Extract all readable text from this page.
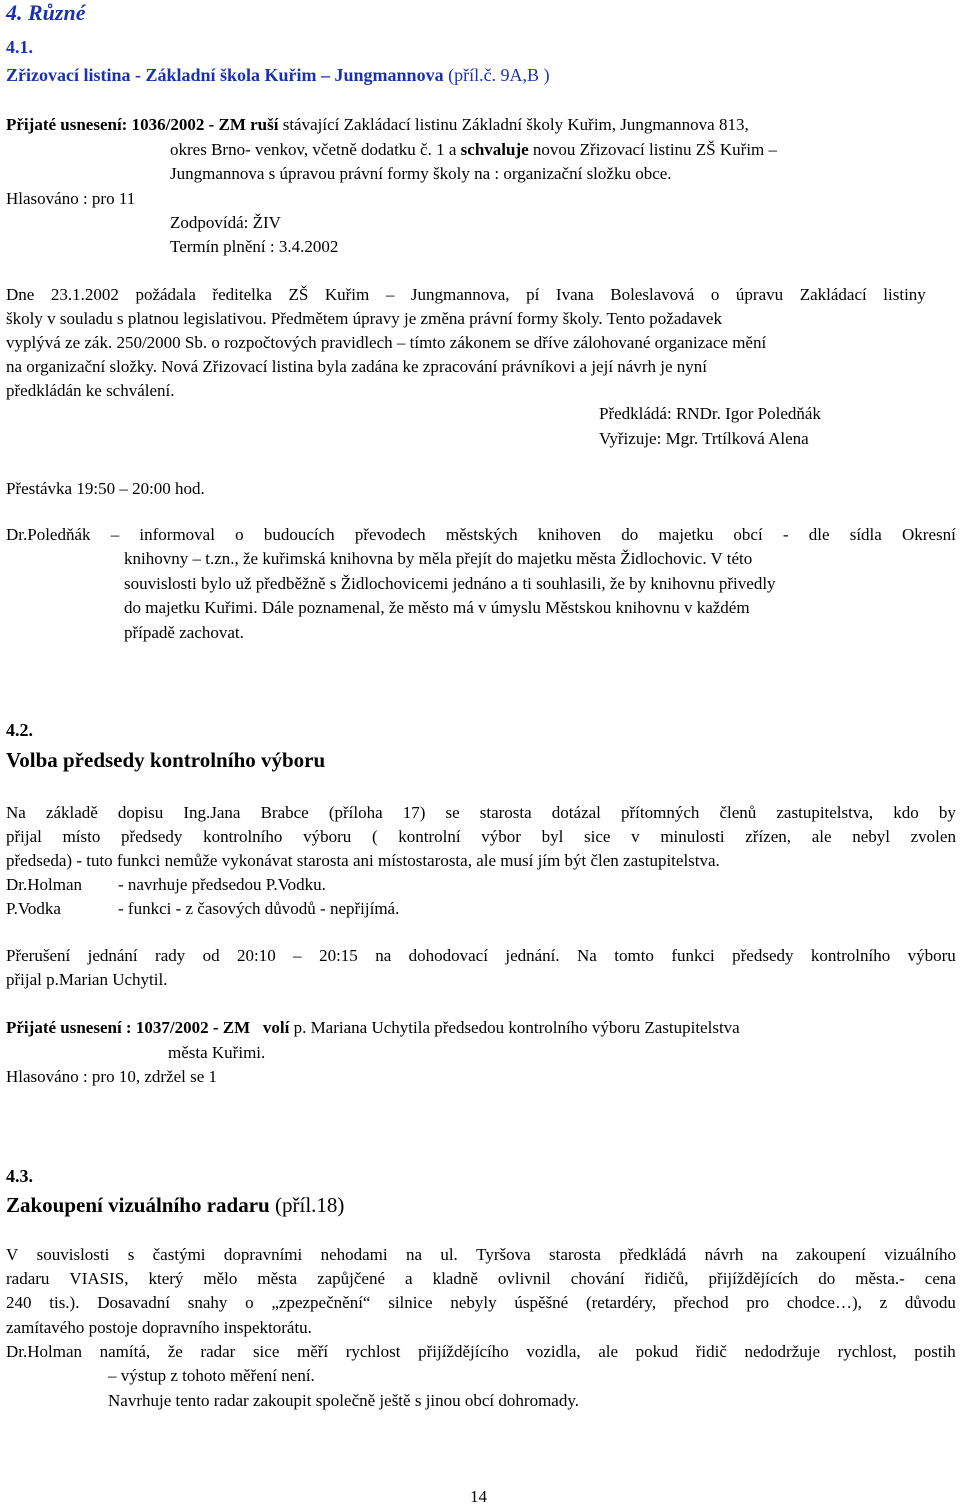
4. Různé
4.1.
Zřizovací listina - Základní škola Kuřim – Jungmannova (příl.č. 9A,B )
Přijaté usnesení: 1036/2002 - ZM ruší stávající Zakládací listinu Základní školy Kuřim, Jungmannova 813,
okres Brno- venkov, včetně dodatku č. 1 a schvaluje novou Zřizovací listinu ZŠ Kuřim –
Jungmannova s úpravou právní formy školy na : organizační složku obce.
Hlasováno : pro 11
Zodpovídá: ŽIV
Termín plnění : 3.4.2002
Dne 23.1.2002 požádala ředitelka ZŠ Kuřim – Jungmannova, pí Ivana Boleslavová o úpravu Zakládací listiny
školy v souladu s platnou legislativou. Předmětem úpravy je změna právní formy školy. Tento požadavek
vyplývá ze zák. 250/2000 Sb. o rozpočtových pravidlech – tímto zákonem se dříve zálohované organizace mění
na organizační složky. Nová Zřizovací listina byla zadána ke zpracování právníkovi a její návrh je nyní
předkládán ke schválení.
Předkládá: RNDr. Igor Poledňák
Vyřizuje: Mgr. Trtílková Alena
Přestávka 19:50 – 20:00 hod.
Dr.Poledňák – informoval o budoucích převodech městských knihoven do majetku obcí - dle sídla Okresní
knihovny – t.zn., že kuřimská knihovna by měla přejít do majetku města Židlochovic. V této
souvislosti bylo už předběžně s Židlochovicemi jednáno a ti souhlasili, že by knihovnu přivedly
do majetku Kuřimi. Dále poznamenal, že město má v úmyslu Městskou knihovnu v každém
případě zachovat.
4.2.
Volba předsedy kontrolního výboru
Na základě dopisu Ing.Jana Brabce (příloha 17) se starosta dotázal přítomných členů zastupitelstva, kdo by
přijal místo předsedy kontrolního výboru ( kontrolní výbor byl sice v minulosti zřízen, ale nebyl zvolen
předseda) - tuto funkci nemůže vykonávat starosta ani místostarosta, ale musí jím být člen zastupitelstva.
Dr.Holman - navrhuje předsedou P.Vodku.
P.Vodka	- funkci - z časových důvodů - nepřijímá.
Přerušení jednání rady od 20:10 – 20:15 na dohodovací jednání. Na tomto funkci předsedy kontrolního výboru
přijal p.Marian Uchytil.
Přijaté usnesení : 1037/2002 - ZM volí p. Mariana Uchytila předsedou kontrolního výboru Zastupitelstva
města Kuřimi.
Hlasováno : pro 10, zdržel se 1
4.3.
Zakoupení vizuálního radaru (příl.18)
V souvislosti s častými dopravními nehodami na ul. Tyršova starosta předkládá návrh na zakoupení vizuálního
radaru VIASIS, který mělo města zapůjčené a kladně ovlivnil chování řidičů, přijíždějících do města.- cena
240 tis.). Dosavadní snahy o „zpezpečnění“ silnice nebyly úspěšné (retardéry, přechod pro chodce…), z důvodu
zamítavého postoje dopravního inspektorátu.
Dr.Holman namítá, že radar sice měří rychlost přijíždějícího vozidla, ale pokud řidič nedodržuje rychlost, postih
– výstup z tohoto měření není.
Navrhuje tento radar zakoupit společně ještě s jinou obcí dohromady.
14
